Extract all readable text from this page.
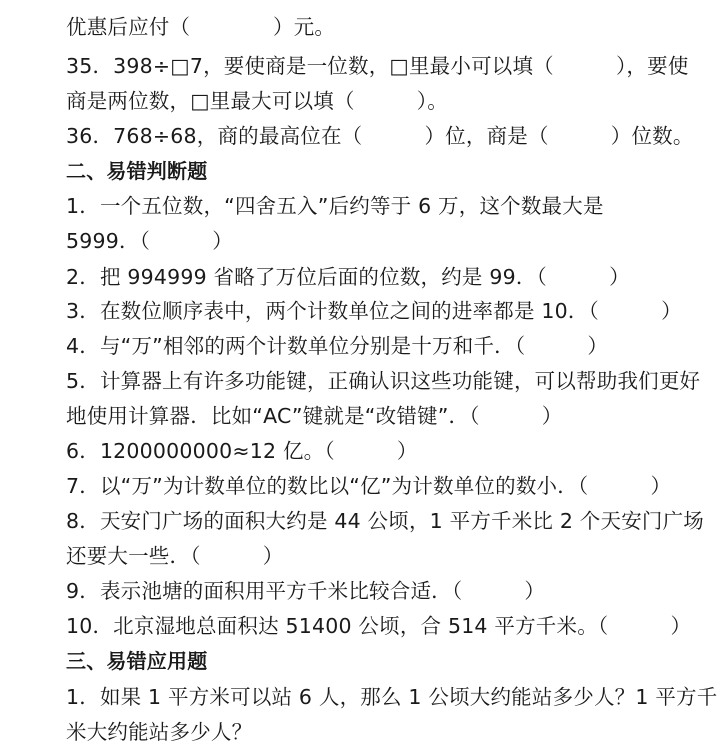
优惠后应付（　　　　）元。
35．398÷□7，要使商是一位数，□里最小可以填（　　　），要使
商是两位数，□里最大可以填（　　　）。
36．768÷68，商的最高位在（　　　）位，商是（　　　）位数。
二、易错判断题
1．一个五位数，“四舍五入”后约等于 6 万，这个数最大是
5999．（　　　）
2．把 994999 省略了万位后面的位数，约是 99．（　　　）
3．在数位顺序表中，两个计数单位之间的进率都是 10．（　　　）
4．与“万”相邻的两个计数单位分别是十万和千．（　　　）
5．计算器上有许多功能键，正确认识这些功能键，可以帮助我们更好
地使用计算器．比如“AC”键就是“改错键”．（　　　）
6．1200000000≈12 亿。（　　　）
7．以“万”为计数单位的数比以“亿”为计数单位的数小．（　　　）
8．天安门广场的面积大约是 44 公顷，1 平方千米比 2 个天安门广场
还要大一些．（　　　）
9．表示池塘的面积用平方千米比较合适．（　　　）
10．北京湿地总面积达 51400 公顷，合 514 平方千米。（　　　）
三、易错应用题
1．如果 1 平方米可以站 6 人，那么 1 公顷大约能站多少人？1 平方千
米大约能站多少人？
